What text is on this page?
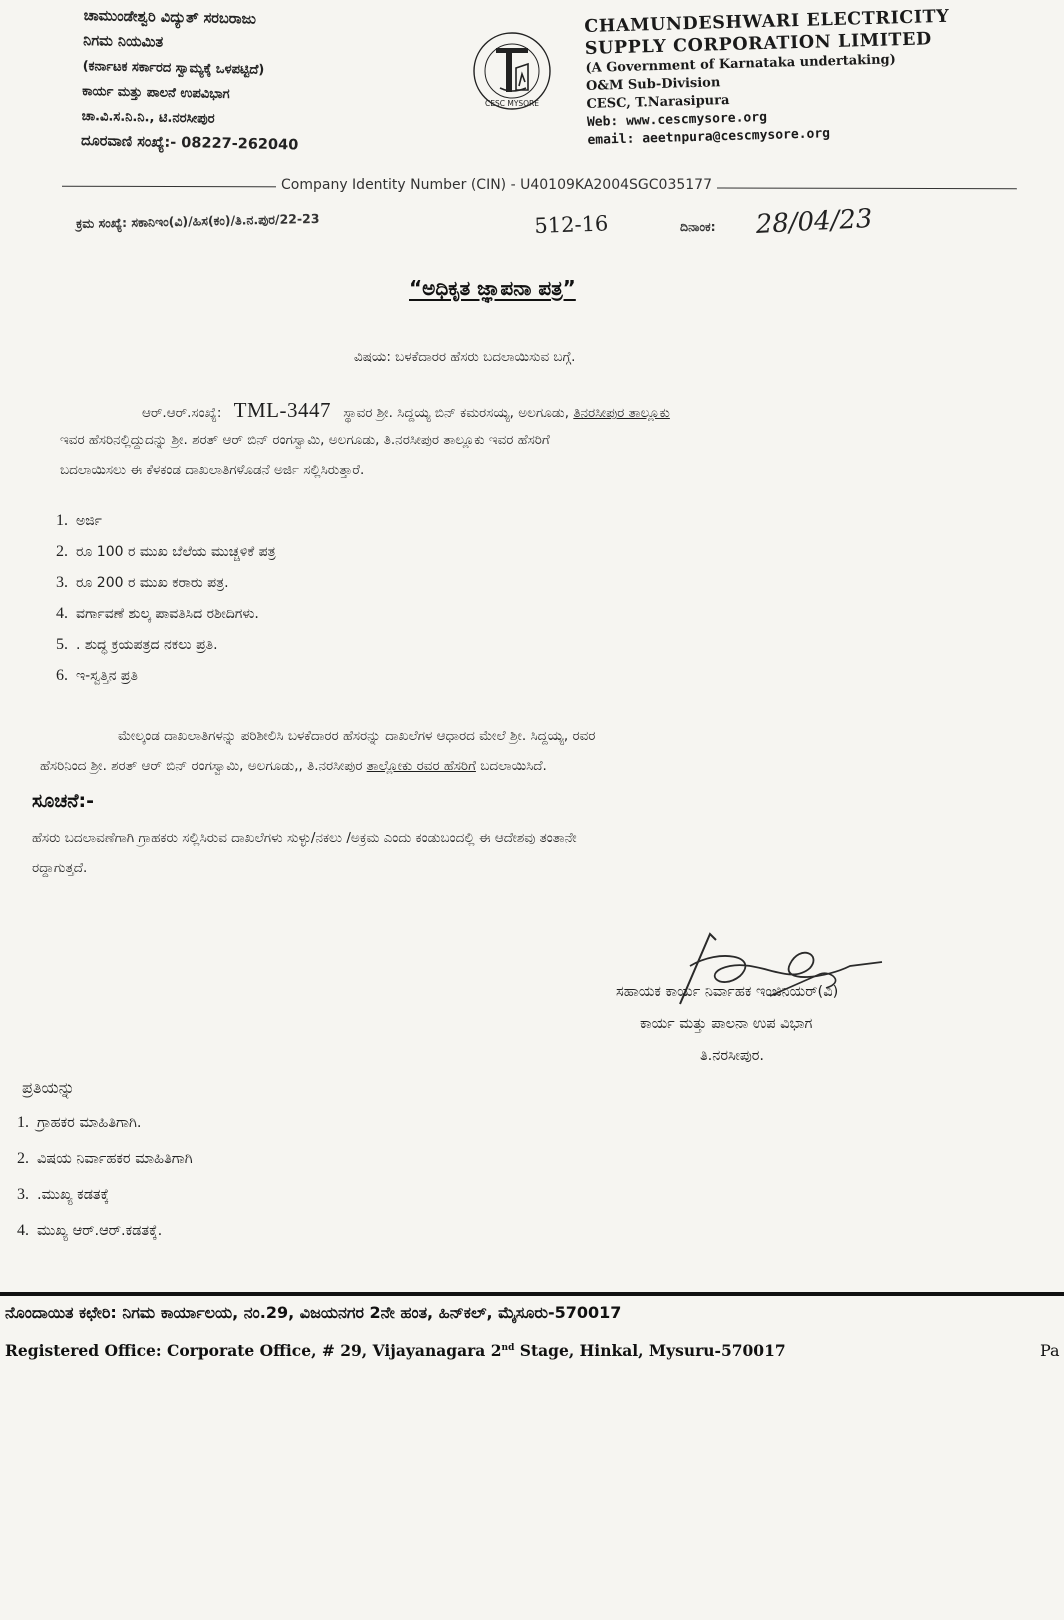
ಚಾಮುಂಡೇಶ್ವರಿ ವಿದ್ಯುತ್ ಸರಬರಾಜು
ನಿಗಮ ನಿಯಮಿತ
(ಕರ್ನಾಟಕ ಸರ್ಕಾರದ ಸ್ವಾಮ್ಯಕ್ಕೆ ಒಳಪಟ್ಟಿದೆ)
ಕಾರ್ಯ ಮತ್ತು ಪಾಲನೆ ಉಪವಿಭಾಗ
ಚಾ.ವಿ.ಸ.ನಿ.ನಿ., ಟಿ.ನರಸೀಪುರ
ದೂರವಾಣಿ ಸಂಖ್ಯೆ:- 08227-262040
CESC MYSORE
CHAMUNDESHWARI ELECTRICITY
SUPPLY CORPORATION LIMITED
(A Government of Karnataka undertaking)
O&M Sub-Division
CESC, T.Narasipura
Web: www.cescmysore.org
email: aeetnpura@cescmysore.org
Company Identity Number (CIN) - U40109KA2004SGC035177
ಕ್ರಮ ಸಂಖ್ಯೆ: ಸಕಾನಿಇಂ(ವಿ)/ಹಿಸ(ಕಂ)/ತಿ.ನ.ಪುರ/22-23	512-16	ದಿನಾಂಕ: 28/04/23
“ಅಧಿಕೃತ ಜ್ಞಾಪನಾ ಪತ್ರ”
ವಿಷಯ: ಬಳಕೆದಾರರ ಹೆಸರು ಬದಲಾಯಿಸುವ ಬಗ್ಗೆ.
ಆರ್.ಆರ್.ಸಂಖ್ಯೆ: TML-3447 ಸ್ಥಾವರ ಶ್ರೀ. ಸಿದ್ದಯ್ಯ ಬಿನ್ ಕಮರಸಯ್ಯ, ಅಲಗೂಡು, ತಿನರಸೀಪುರ ತಾಲ್ಲೂಕು
ಇವರ ಹೆಸರಿನಲ್ಲಿದ್ದುದನ್ನು ಶ್ರೀ. ಶರತ್ ಆರ್ ಬಿನ್ ರಂಗಸ್ವಾಮಿ, ಅಲಗೂಡು, ತಿ.ನರಸೀಪುರ ತಾಲ್ಲೂಕು ಇವರ ಹೆಸರಿಗೆ
ಬದಲಾಯಿಸಲು ಈ ಕೆಳಕಂಡ ದಾಖಲಾತಿಗಳೊಡನೆ ಅರ್ಜಿ ಸಲ್ಲಿಸಿರುತ್ತಾರೆ.
1. ಅರ್ಜಿ
2. ರೂ 100 ರ ಮುಖ ಬೆಲೆಯ ಮುಚ್ಚಳಿಕೆ ಪತ್ರ
3. ರೂ 200 ರ ಮುಖ ಕರಾರು ಪತ್ರ.
4. ವರ್ಗಾವಣೆ ಶುಲ್ಕ ಪಾವತಿಸಿದ ರಶೀದಿಗಳು.
5. . ಶುದ್ಧ ಕ್ರಯಪತ್ರದ ನಕಲು ಪ್ರತಿ.
6. ಇ-ಸ್ವತ್ತಿನ ಪ್ರತಿ
ಮೇಲ್ಕಂಡ ದಾಖಲಾತಿಗಳನ್ನು ಪರಿಶೀಲಿಸಿ ಬಳಕೆದಾರರ ಹೆಸರನ್ನು ದಾಖಲೆಗಳ ಆಧಾರದ ಮೇಲೆ ಶ್ರೀ. ಸಿದ್ದಯ್ಯ, ರವರ
ಹೆಸರಿನಿಂದ ಶ್ರೀ. ಶರತ್ ಆರ್ ಬಿನ್ ರಂಗಸ್ವಾಮಿ, ಅಲಗೂಡು,, ತಿ.ನರಸೀಪುರ ತಾಲ್ಲೋಕು ರವರ ಹೆಸರಿಗೆ ಬದಲಾಯಿಸಿದೆ.
ಸೂಚನೆ:-
ಹೆಸರು ಬದಲಾವಣೆಗಾಗಿ ಗ್ರಾಹಕರು ಸಲ್ಲಿಸಿರುವ ದಾಖಲೆಗಳು ಸುಳ್ಳು/ನಕಲು /ಅಕ್ರಮ ಎಂದು ಕಂಡುಬಂದಲ್ಲಿ ಈ ಆದೇಶವು ತಂತಾನೇ
ರದ್ದಾಗುತ್ತದೆ.
ಸಹಾಯಕ ಕಾರ್ಯ ನಿರ್ವಾಹಕ ಇಂಜಿನಿಯರ್(ವಿ)
ಕಾರ್ಯ ಮತ್ತು ಪಾಲನಾ ಉಪ ವಿಭಾಗ
ತಿ.ನರಸೀಪುರ.
ಪ್ರತಿಯನ್ನು
1. ಗ್ರಾಹಕರ ಮಾಹಿತಿಗಾಗಿ.
2. ವಿಷಯ ನಿರ್ವಾಹಕರ ಮಾಹಿತಿಗಾಗಿ
3. .ಮುಖ್ಯ ಕಡತಕ್ಕೆ
4. ಮುಖ್ಯ ಆರ್.ಆರ್.ಕಡತಕ್ಕೆ.
ನೊಂದಾಯಿತ ಕಛೇರಿ: ನಿಗಮ ಕಾರ್ಯಾಲಯ, ನಂ.29, ವಿಜಯನಗರ 2ನೇ ಹಂತ, ಹಿನ್‌ಕಲ್, ಮೈಸೂರು-570017
Registered Office: Corporate Office, # 29, Vijayanagara 2nd Stage, Hinkal, Mysuru-570017	Pa
